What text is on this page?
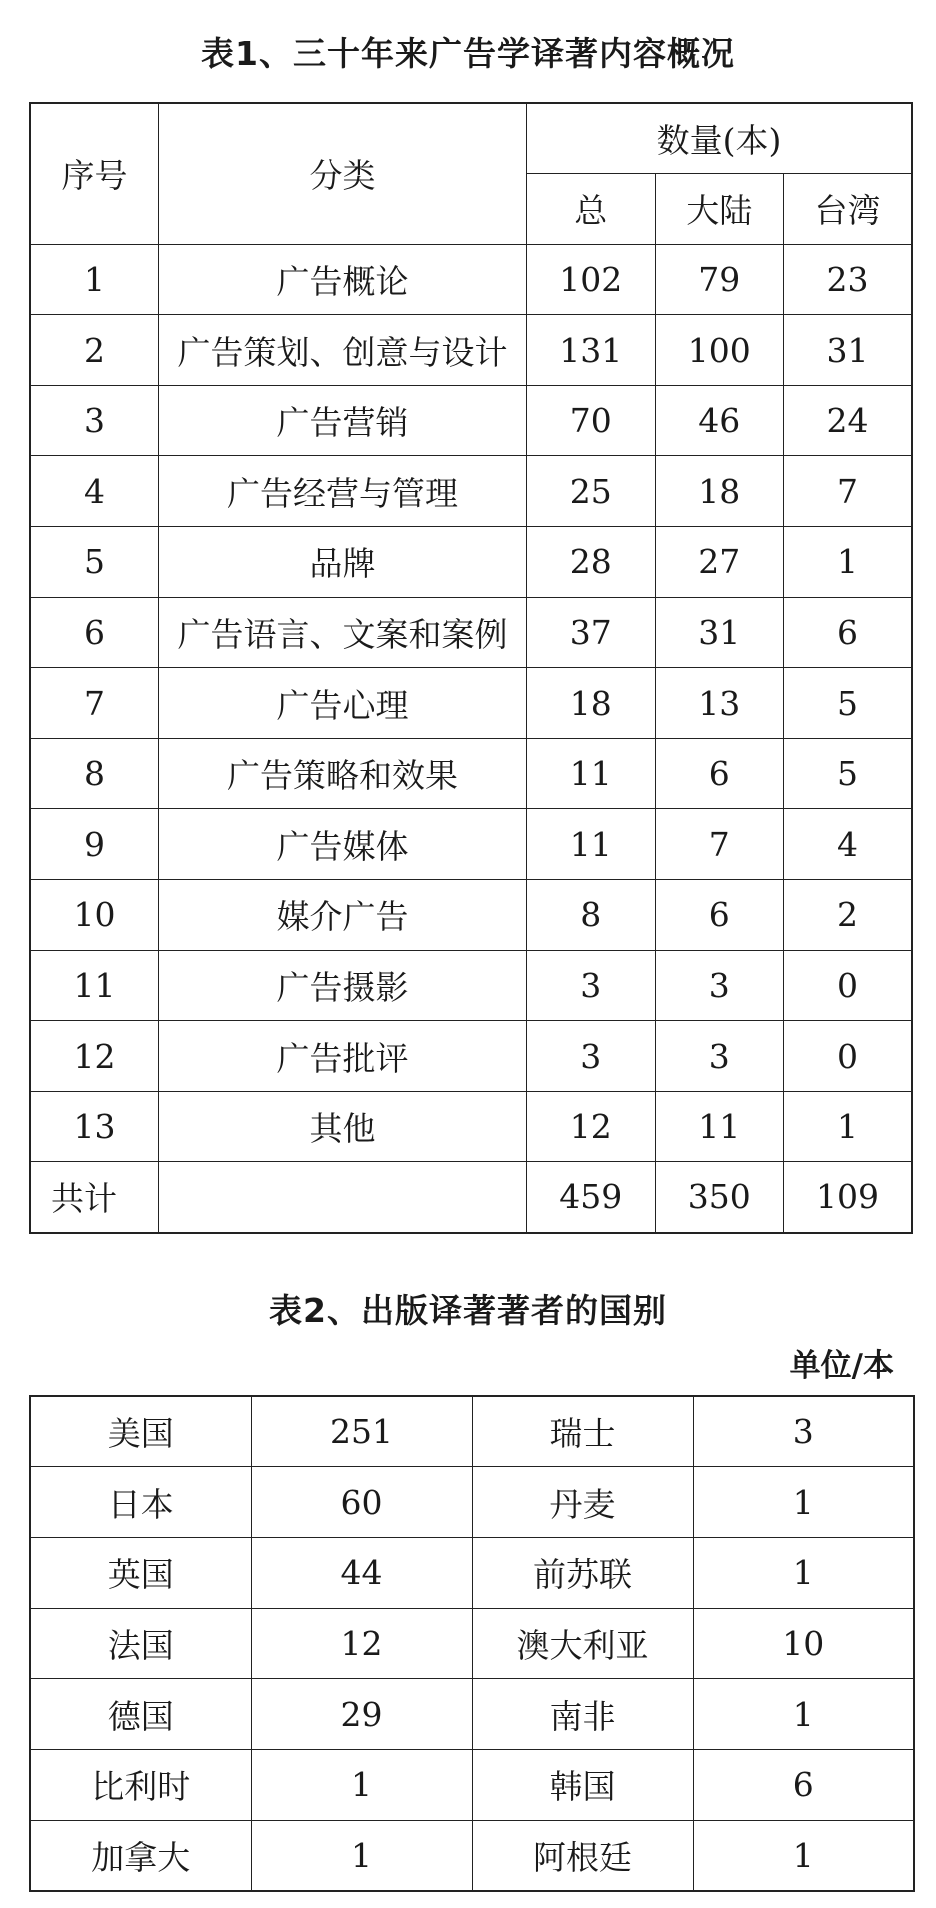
表1、三十年来广告学译著内容概况
序号	分类	数量(本)		
		总	大陆	台湾
1	广告概论	102	79	23
2	广告策划、创意与设计	131	100	31
3	广告营销	70	46	24
4	广告经营与管理	25	18	7
5	品牌	28	27	1
6	广告语言、文案和案例	37	31	6
7	广告心理	18	13	5
8	广告策略和效果	11	6	5
9	广告媒体	11	7	4
10	媒介广告	8	6	2
11	广告摄影	3	3	0
12	广告批评	3	3	0
13	其他	12	11	1
共计		459	350	109
表2、出版译著著者的国别
单位/本
美国	251	瑞士	3
日本	60	丹麦	1
英国	44	前苏联	1
法国	12	澳大利亚	10
德国	29	南非	1
比利时	1	韩国	6
加拿大	1	阿根廷	1
